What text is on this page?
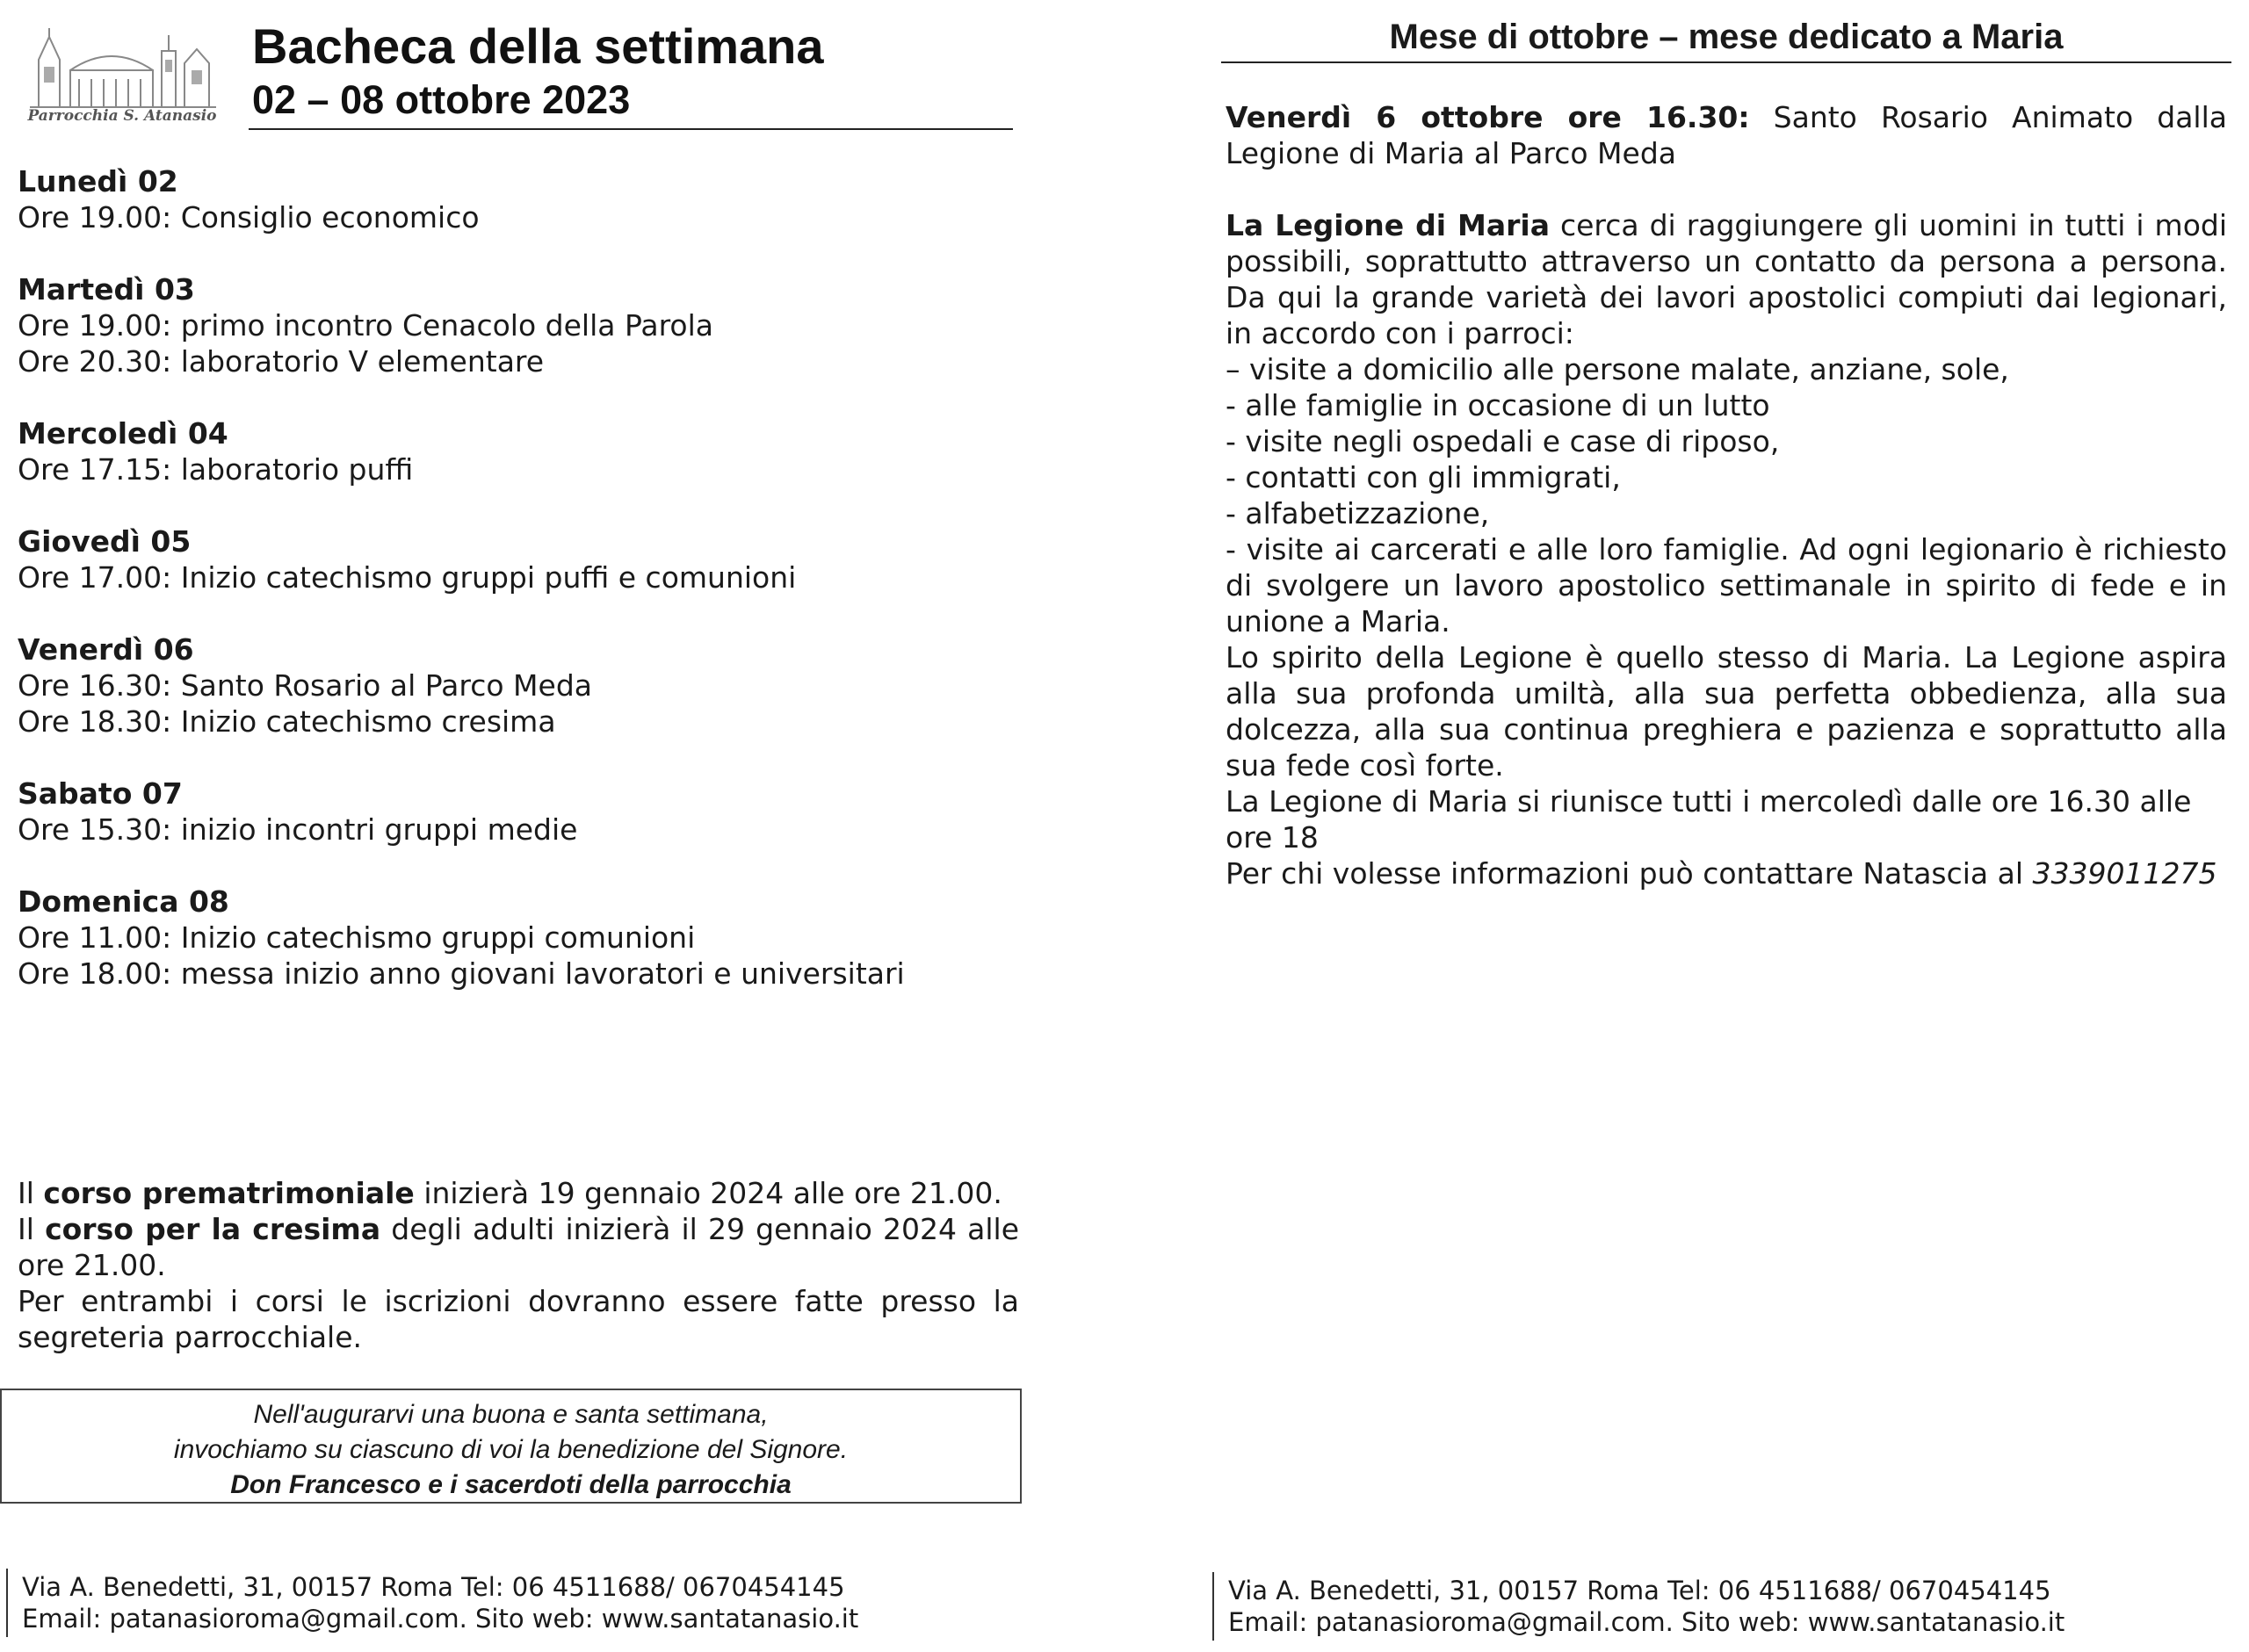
Parrocchia S. Atanasio
Bacheca della settimana
02 – 08 ottobre 2023
Lunedì 02
Ore 19.00: Consiglio economico
Martedì 03
Ore 19.00: primo incontro Cenacolo della Parola
Ore 20.30: laboratorio V elementare
Mercoledì 04
Ore 17.15: laboratorio puffi
Giovedì 05
Ore 17.00: Inizio catechismo gruppi puffi e comunioni
Venerdì 06
Ore 16.30: Santo Rosario al Parco Meda
Ore 18.30: Inizio catechismo cresima
Sabato 07
Ore 15.30: inizio incontri gruppi medie
Domenica 08
Ore 11.00: Inizio catechismo gruppi comunioni
Ore 18.00: messa inizio anno giovani lavoratori e universitari

Il corso prematrimoniale inizierà 19 gennaio 2024 alle ore 21.00.

Il corso per la cresima degli adulti inizierà il 29 gennaio 2024 alle ore 21.00.

Per entrambi i corsi le iscrizioni dovranno essere fatte presso la segreteria parrocchiale.

Nell'augurarvi una buona e santa settimana,
invochiamo su ciascuno di voi la benedizione del Signore.
Don Francesco e i sacerdoti della parrocchia
Via A. Benedetti, 31, 00157 Roma Tel: 06 4511688/ 0670454145
Email: patanasioroma@gmail.com. Sito web: www.santatanasio.it
Via A. Benedetti, 31, 00157 Roma Tel: 06 4511688/ 0670454145
Email: patanasioroma@gmail.com. Sito web: www.santatanasio.it
Mese di ottobre – mese dedicato a Maria

Venerdì 6 ottobre ore 16.30: Santo Rosario Animato dalla Legione di Maria al Parco Meda

La Legione di Maria cerca di raggiungere gli uomini in tutti i modi possibili, soprattutto attraverso un contatto da persona a persona. Da qui la grande varietà dei lavori apostolici compiuti dai legionari, in accordo con i parroci:

– visite a domicilio alle persone malate, anziane, sole,
- alle famiglie in occasione di un lutto
- visite negli ospedali e case di riposo,
- contatti con gli immigrati,
- alfabetizzazione,

- visite ai carcerati e alle loro famiglie. Ad ogni legionario è richiesto di svolgere un lavoro apostolico settimanale in spirito di fede e in unione a Maria.

Lo spirito della Legione è quello stesso di Maria. La Legione aspira alla sua profonda umiltà, alla sua perfetta obbedienza, alla sua dolcezza, alla sua continua preghiera e pazienza e soprattutto alla sua fede così forte.

La Legione di Maria si riunisce tutti i mercoledì dalle ore 16.30 alle ore 18

Per chi volesse informazioni può contattare Natascia al 3339011275
